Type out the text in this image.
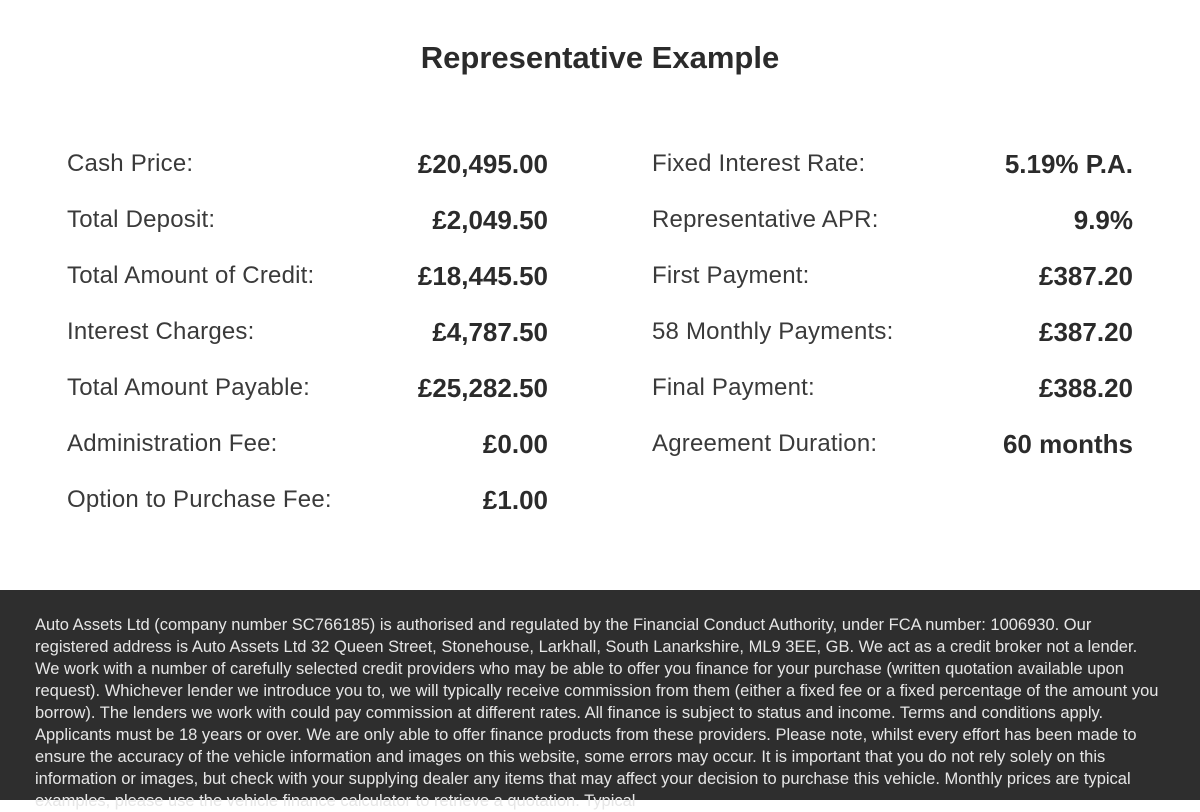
Representative Example
Cash Price:	£20,495.00
Total Deposit:	£2,049.50
Total Amount of Credit:	£18,445.50
Interest Charges:	£4,787.50
Total Amount Payable:	£25,282.50
Administration Fee:	£0.00
Option to Purchase Fee:	£1.00
Fixed Interest Rate:	5.19% P.A.
Representative APR:	9.9%
First Payment:	£387.20
58 Monthly Payments:	£387.20
Final Payment:	£388.20
Agreement Duration:	60 months

Auto Assets Ltd (company number SC766185) is authorised and regulated by the Financial Conduct Authority, under FCA number: 1006930. Our registered address is Auto Assets Ltd 32 Queen Street, Stonehouse, Larkhall, South Lanarkshire, ML9 3EE, GB. We act as a credit broker not a lender. We work with a number of carefully selected credit providers who may be able to offer you finance for your purchase (written quotation available upon request). Whichever lender we introduce you to, we will typically receive commission from them (either a fixed fee or a fixed percentage of the amount you borrow). The lenders we work with could pay commission at different rates. All finance is subject to status and income. Terms and conditions apply. Applicants must be 18 years or over. We are only able to offer finance products from these providers. Please note, whilst every effort has been made to ensure the accuracy of the vehicle information and images on this website, some errors may occur. It is important that you do not rely solely on this information or images, but check with your supplying dealer any items that may affect your decision to purchase this vehicle. Monthly prices are typical examples, please use the vehicle finance calculator to retrieve a quotation. Typical
